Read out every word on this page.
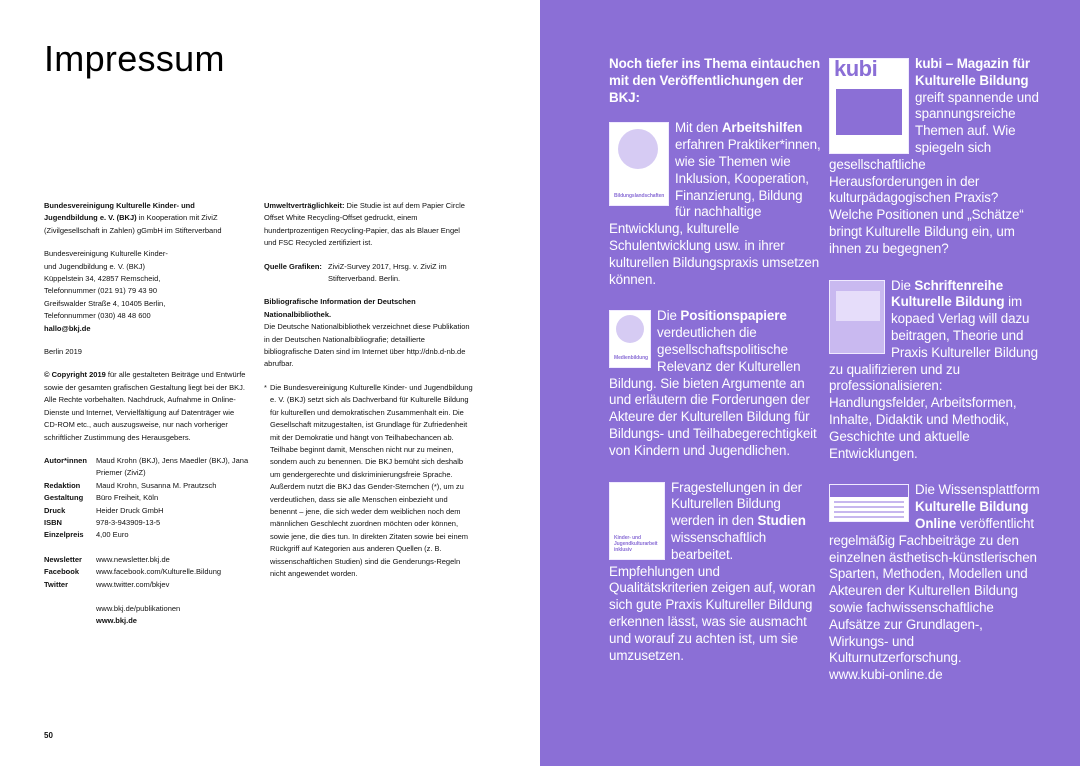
Impressum

Bundesvereinigung Kulturelle Kinder- und Jugendbildung e. V. (BKJ) in Kooperation mit ZiviZ (Zivilgesellschaft in Zahlen) gGmbH im Stifterverband

Bundesvereinigung Kulturelle Kinder-
und Jugendbildung e. V. (BKJ)
Küppelstein 34, 42857 Remscheid,
Telefonnummer (021 91) 79 43 90
Greifswalder Straße 4, 10405 Berlin,
Telefonnummer (030) 48 48 600
hallo@bkj.de

Berlin 2019

© Copyright 2019 für alle gestalteten Beiträge und Entwürfe sowie der gesamten grafischen Gestaltung liegt bei der BKJ. Alle Rechte vorbehalten. Nachdruck, Aufnahme in Online-Dienste und Internet, Vervielfältigung auf Datenträger wie CD-ROM etc., auch auszugsweise, nur nach vorheriger schriftlicher Zustimmung des Herausgebers.

Autor*innen	Maud Krohn (BKJ), Jens Maedler (BKJ), Jana Priemer (ZiviZ)
Redaktion	Maud Krohn, Susanna M. Prautzsch
Gestaltung	Büro Freiheit, Köln
Druck	Heider Druck GmbH
ISBN	978-3-943909-13-5
Einzelpreis	4,00 Euro
Newsletter	www.newsletter.bkj.de
Facebook	www.facebook.com/Kulturelle.Bildung
Twitter	www.twitter.com/bkjev
www.bkj.de/publikationen
www.bkj.de

Umweltverträglichkeit: Die Studie ist auf dem Papier Circle Offset White Recycling-Offset gedruckt, einem hundertprozentigen Recycling-Papier, das als Blauer Engel und FSC Recycled zertifiziert ist.

Quelle Grafiken: ZiviZ-Survey 2017, Hrsg. v. ZiviZ im Stifterverband. Berlin.

Bibliografische Information der Deutschen Nationalbibliothek.
Die Deutsche Nationalbibliothek verzeichnet diese Publikation in der Deutschen Nationalbibliografie; detaillierte bibliografische Daten sind im Internet über http://dnb.d-nb.de abrufbar.

* Die Bundesvereinigung Kulturelle Kinder- und Jugendbildung e. V. (BKJ) setzt sich als Dachverband für Kulturelle Bildung für kulturellen und demokratischen Zusammenhalt ein. Die Gesellschaft mitzugestalten, ist Grundlage für Zufriedenheit mit der Demokratie und hängt von Teilhabechancen ab. Teilhabe beginnt damit, Menschen nicht nur zu meinen, sondern auch zu benennen. Die BKJ bemüht sich deshalb um gendergerechte und diskriminierungsfreie Sprache. Außerdem nutzt die BKJ das Gender-Sternchen (*), um zu verdeutlichen, dass sie alle Menschen einbezieht und benennt – jene, die sich weder dem weiblichen noch dem männlichen Geschlecht zuordnen möchten oder können, sowie jene, die dies tun. In direkten Zitaten sowie bei einem Rückgriff auf Kategorien aus anderen Quellen (z. B. wissenschaftlichen Studien) sind die Genderungs-Regeln nicht angewendet worden.
50
Noch tiefer ins Thema eintauchen mit den Veröffentlichungen der BKJ:
Bildungslandschaften
Mit den Arbeitshilfen erfahren Praktiker*innen, wie sie Themen wie Inklusion, Kooperation, Finanzierung, Bildung für nachhaltige Entwicklung, kulturelle Schulentwicklung usw. in ihrer kulturellen Bildungspraxis umsetzen können.
Medienbildung
Die Positionspapiere verdeutlichen die gesellschaftspolitische Relevanz der Kulturellen Bildung. Sie bieten Argumente an und erläutern die Forderungen der Akteure der Kulturellen Bildung für Bildungs- und Teilhabegerechtigkeit von Kindern und Jugendlichen.
Kinder- und Jugendkulturarbeit inklusiv
Fragestellungen in der Kulturellen Bildung werden in den Studien wissenschaftlich bearbeitet. Empfehlungen und Qualitätskriterien zeigen auf, woran sich gute Praxis Kultureller Bildung erkennen lässt, was sie ausmacht und worauf zu achten ist, um sie umzusetzen.
kubi	kubi – Magazin für Kulturelle Bildung greift spannende und spannungsreiche Themen auf. Wie spiegeln sich gesellschaftliche Herausforderungen in der kulturpädagogischen Praxis? Welche Positionen und „Schätze“ bringt Kulturelle Bildung ein, um ihnen zu begegnen?
Die Schriftenreihe Kulturelle Bildung im kopaed Verlag will dazu beitragen, Theorie und Praxis Kultureller Bildung zu qualifizieren und zu professionalisieren: Handlungsfelder, Arbeitsformen, Inhalte, Didaktik und Methodik, Geschichte und aktuelle Entwicklungen.
Die Wissensplattform Kulturelle Bildung Online veröffentlicht regelmäßig Fachbeiträge zu den einzelnen ästhetisch-künstlerischen Sparten, Methoden, Modellen und Akteuren der Kulturellen Bildung sowie fachwissenschaftliche Aufsätze zur Grundlagen-, Wirkungs- und Kulturnutzerforschung.
www.kubi-online.de
